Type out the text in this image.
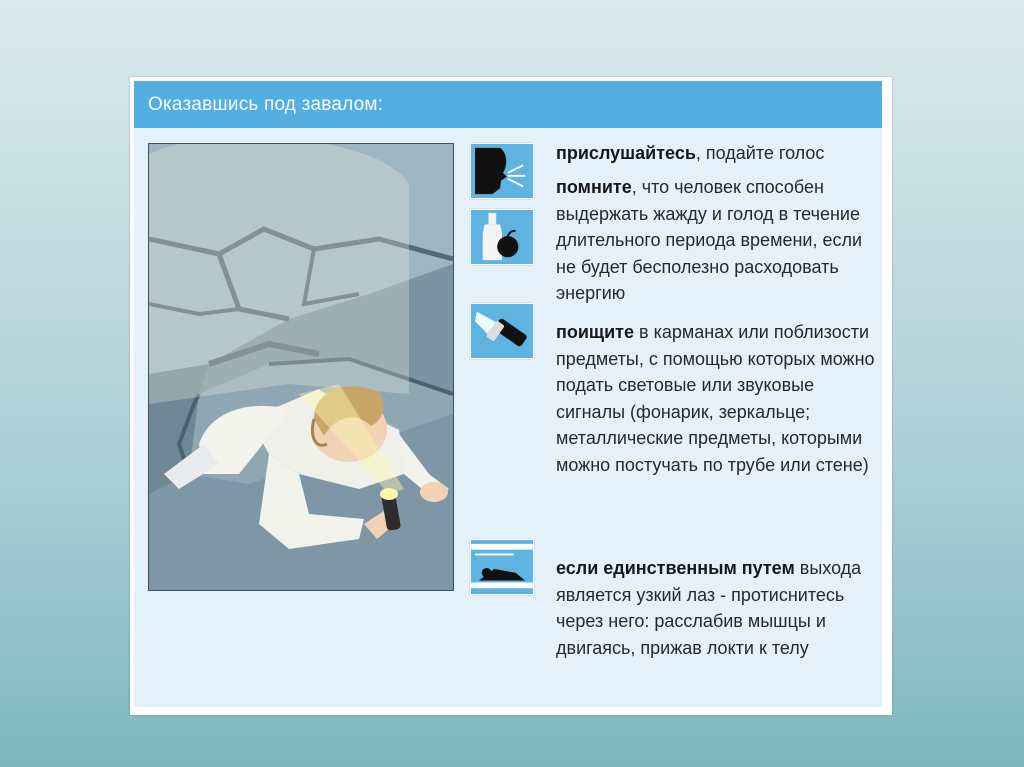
Оказавшись под завалом:
прислушайтесь, подайте голос
помните, что человек способен выдержать жажду и голод в течение длительного периода времени, если не будет бесполезно расходовать энергию
поищите в карманах или поблизости предметы, с помощью которых можно подать световые или звуковые сигналы (фонарик, зеркальце; металлические предметы, которыми можно постучать по трубе или стене)
если единственным путем выхода является узкий лаз - протиснитесь через него: расслабив мышцы и двигаясь, прижав локти к телу
